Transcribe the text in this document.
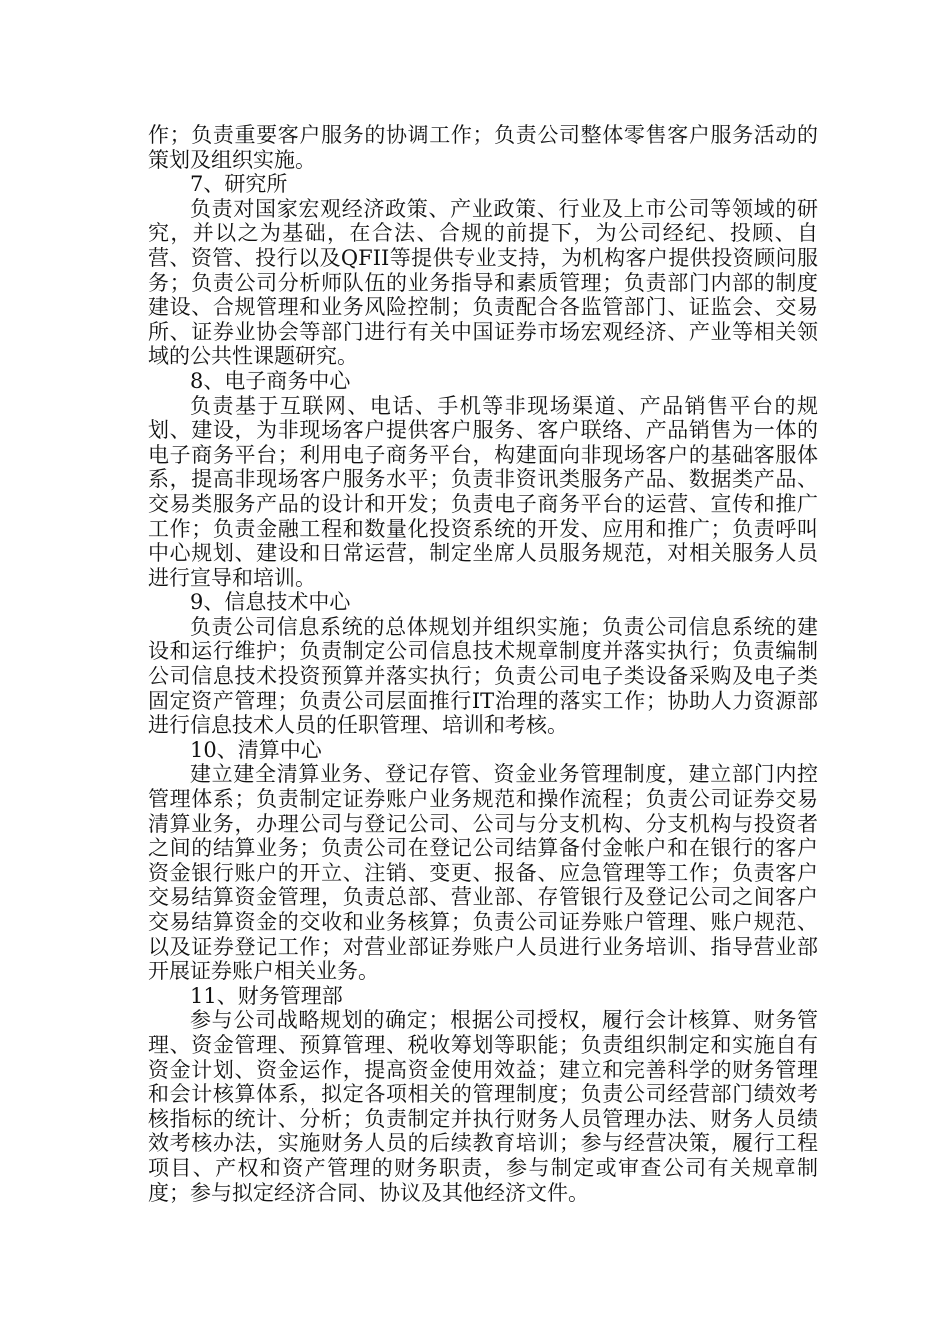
作；负责重要客户服务的协调工作；负责公司整体零售客户服务活动的策划及组织实施。

7、研究所

负责对国家宏观经济政策、产业政策、行业及上市公司等领域的研究，并以之为基础，在合法、合规的前提下，为公司经纪、投顾、自营、资管、投行以及QFII等提供专业支持，为机构客户提供投资顾问服务；负责公司分析师队伍的业务指导和素质管理；负责部门内部的制度建设、合规管理和业务风险控制；负责配合各监管部门、证监会、交易所、证券业协会等部门进行有关中国证券市场宏观经济、产业等相关领域的公共性课题研究。

8、电子商务中心

负责基于互联网、电话、手机等非现场渠道、产品销售平台的规划、建设，为非现场客户提供客户服务、客户联络、产品销售为一体的电子商务平台；利用电子商务平台，构建面向非现场客户的基础客服体系，提高非现场客户服务水平；负责非资讯类服务产品、数据类产品、交易类服务产品的设计和开发；负责电子商务平台的运营、宣传和推广工作；负责金融工程和数量化投资系统的开发、应用和推广；负责呼叫中心规划、建设和日常运营，制定坐席人员服务规范，对相关服务人员进行宣导和培训。

9、信息技术中心

负责公司信息系统的总体规划并组织实施；负责公司信息系统的建设和运行维护；负责制定公司信息技术规章制度并落实执行；负责编制公司信息技术投资预算并落实执行；负责公司电子类设备采购及电子类固定资产管理；负责公司层面推行IT治理的落实工作；协助人力资源部进行信息技术人员的任职管理、培训和考核。

10、清算中心

建立建全清算业务、登记存管、资金业务管理制度，建立部门内控管理体系；负责制定证券账户业务规范和操作流程；负责公司证券交易清算业务，办理公司与登记公司、公司与分支机构、分支机构与投资者之间的结算业务；负责公司在登记公司结算备付金帐户和在银行的客户资金银行账户的开立、注销、变更、报备、应急管理等工作；负责客户交易结算资金管理，负责总部、营业部、存管银行及登记公司之间客户交易结算资金的交收和业务核算；负责公司证券账户管理、账户规范、以及证券登记工作；对营业部证券账户人员进行业务培训、指导营业部开展证券账户相关业务。

11、财务管理部

参与公司战略规划的确定；根据公司授权，履行会计核算、财务管理、资金管理、预算管理、税收筹划等职能；负责组织制定和实施自有资金计划、资金运作，提高资金使用效益；建立和完善科学的财务管理和会计核算体系，拟定各项相关的管理制度；负责公司经营部门绩效考核指标的统计、分析；负责制定并执行财务人员管理办法、财务人员绩效考核办法，实施财务人员的后续教育培训；参与经营决策，履行工程项目、产权和资产管理的财务职责，参与制定或审查公司有关规章制度；参与拟定经济合同、协议及其他经济文件。
